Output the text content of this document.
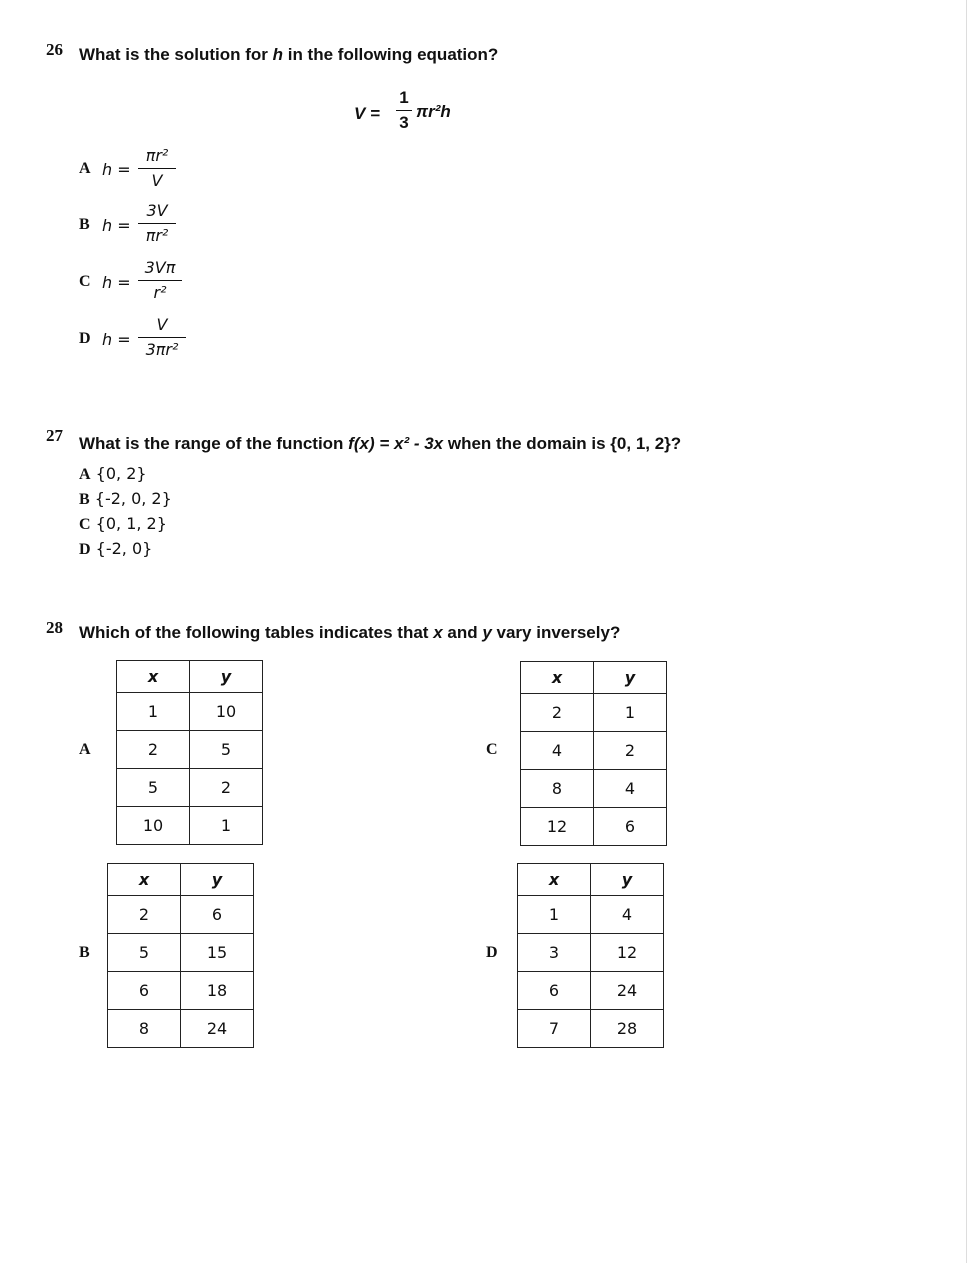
26 What is the solution for h in the following equation?
V =
1
3
πr²h
A h =
πr²
V
B h =
3V
πr²
C h =
3Vπ
r²
D h =
V
3πr²
27 What is the range of the function f(x) = x² - 3x when the domain is {0, 1, 2}?
A {0, 2}
B {-2, 0, 2}
C {0, 1, 2}
D {-2, 0}
28 Which of the following tables indicates that x and y vary inversely?
A
x	y
1	10
2	5
5	2
10	1
C
x	y
2	1
4	2
8	4
12	6
B
x	y
2	6
5	15
6	18
8	24
D
x	y
1	4
3	12
6	24
7	28
